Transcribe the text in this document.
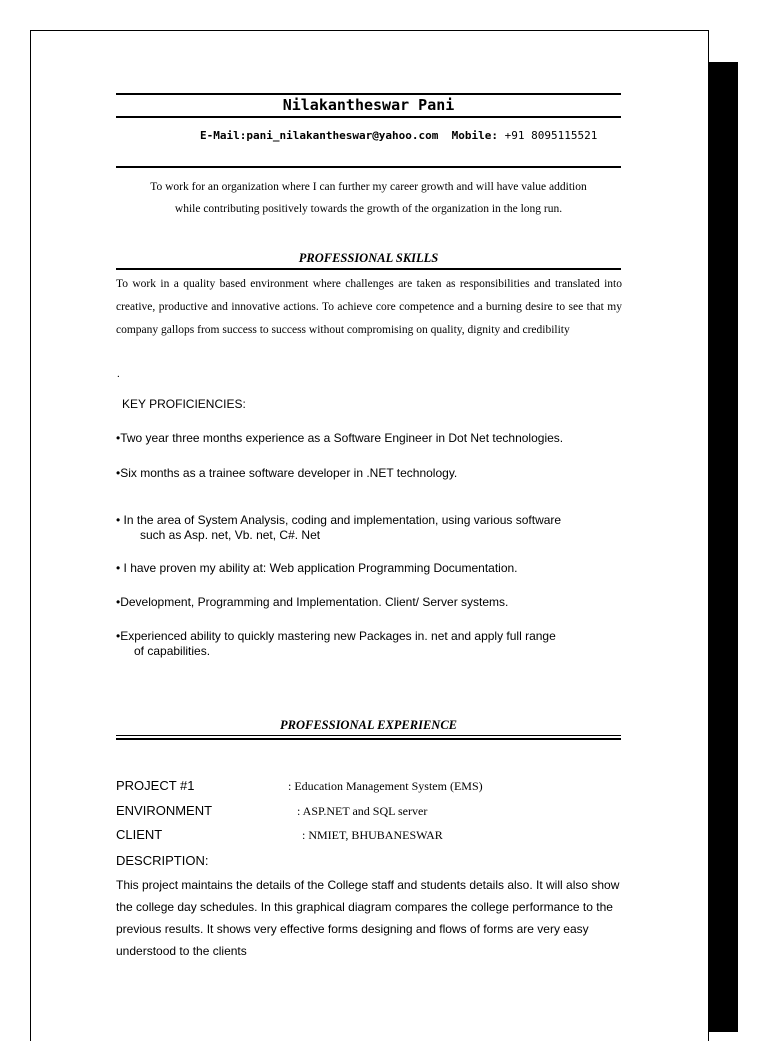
Nilakantheswar Pani
E-Mail:pani_nilakantheswar@yahoo.com Mobile: +91 8095115521
To work for an organization where I can further my career growth and will have value addition
while contributing positively towards the growth of the organization in the long run.
PROFESSIONAL SKILLS
To work in a quality based environment where challenges are taken as responsibilities and translated into creative, productive and innovative actions. To achieve core competence and a burning desire to see that my company gallops from success to success without compromising on quality, dignity and credibility
.
KEY PROFICIENCIES:
•Two year three months experience as a Software Engineer in Dot Net technologies.
•Six months as a trainee software developer in .NET technology.
• In the area of System Analysis, coding and implementation, using various software
such as Asp. net, Vb. net, C#. Net
• I have proven my ability at: Web application Programming Documentation.
•Development, Programming and Implementation. Client/ Server systems.
•Experienced ability to quickly mastering new Packages in. net and apply full range
of capabilities.
PROFESSIONAL EXPERIENCE
PROJECT #1	: Education Management System (EMS)
ENVIRONMENT	: ASP.NET and SQL server
CLIENT	: NMIET, BHUBANESWAR
DESCRIPTION:
This project maintains the details of the College staff and students details also. It will also show the college day schedules. In this graphical diagram compares the college performance to the previous results. It shows very effective forms designing and flows of forms are very easy understood to the clients
